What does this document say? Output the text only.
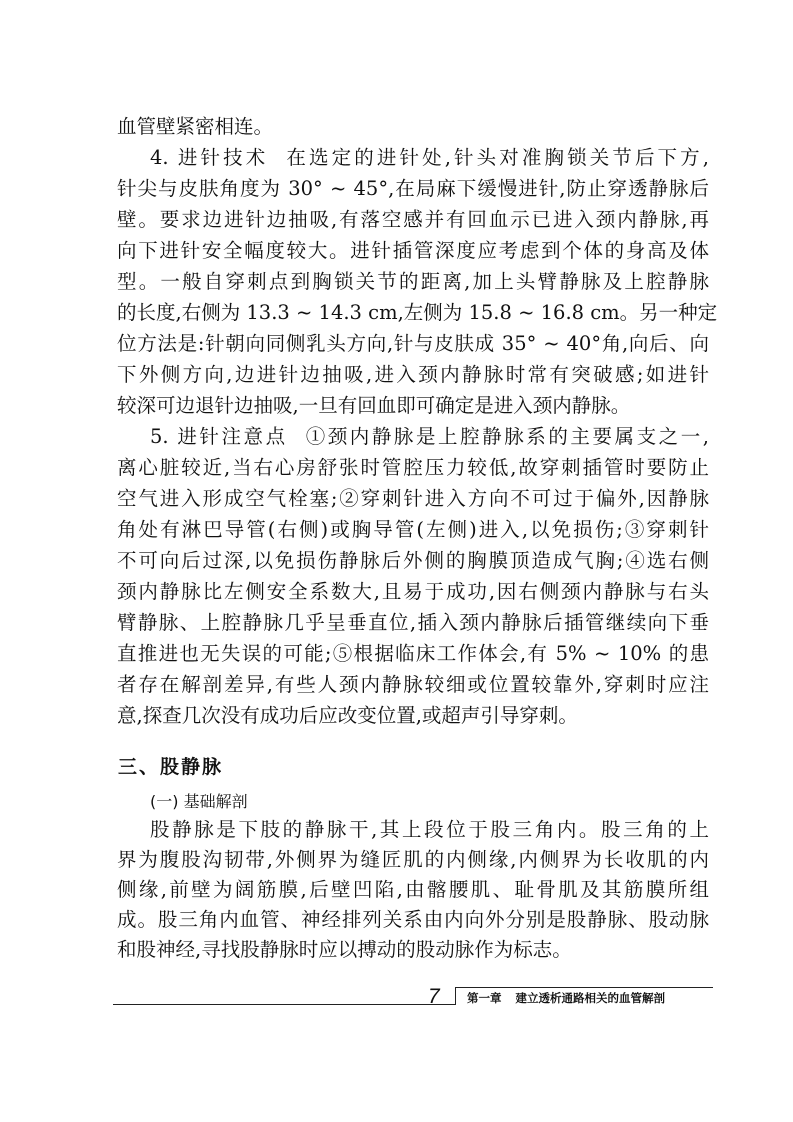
血管壁紧密相连。
4. 进针技术 在选定的进针处,针头对准胸锁关节后下方,
针尖与皮肤角度为 30° ~ 45°,在局麻下缓慢进针,防止穿透静脉后
壁。要求边进针边抽吸,有落空感并有回血示已进入颈内静脉,再
向下进针安全幅度较大。进针插管深度应考虑到个体的身高及体
型。一般自穿刺点到胸锁关节的距离,加上头臂静脉及上腔静脉
的长度,右侧为 13.3 ~ 14.3 cm,左侧为 15.8 ~ 16.8 cm。另一种定
位方法是:针朝向同侧乳头方向,针与皮肤成 35° ~ 40°角,向后、向
下外侧方向,边进针边抽吸,进入颈内静脉时常有突破感;如进针
较深可边退针边抽吸,一旦有回血即可确定是进入颈内静脉。
5. 进针注意点 ①颈内静脉是上腔静脉系的主要属支之一,
离心脏较近,当右心房舒张时管腔压力较低,故穿刺插管时要防止
空气进入形成空气栓塞;②穿刺针进入方向不可过于偏外,因静脉
角处有淋巴导管(右侧)或胸导管(左侧)进入,以免损伤;③穿刺针
不可向后过深,以免损伤静脉后外侧的胸膜顶造成气胸;④选右侧
颈内静脉比左侧安全系数大,且易于成功,因右侧颈内静脉与右头
臂静脉、上腔静脉几乎呈垂直位,插入颈内静脉后插管继续向下垂
直推进也无失误的可能;⑤根据临床工作体会,有 5% ~ 10% 的患
者存在解剖差异,有些人颈内静脉较细或位置较靠外,穿刺时应注
意,探查几次没有成功后应改变位置,或超声引导穿刺。
三、股静脉
(一) 基础解剖
股静脉是下肢的静脉干,其上段位于股三角内。股三角的上
界为腹股沟韧带,外侧界为缝匠肌的内侧缘,内侧界为长收肌的内
侧缘,前壁为阔筋膜,后壁凹陷,由髂腰肌、耻骨肌及其筋膜所组
成。股三角内血管、神经排列关系由内向外分别是股静脉、股动脉
和股神经,寻找股静脉时应以搏动的股动脉作为标志。
7 第一章 建立透析通路相关的血管解剖
